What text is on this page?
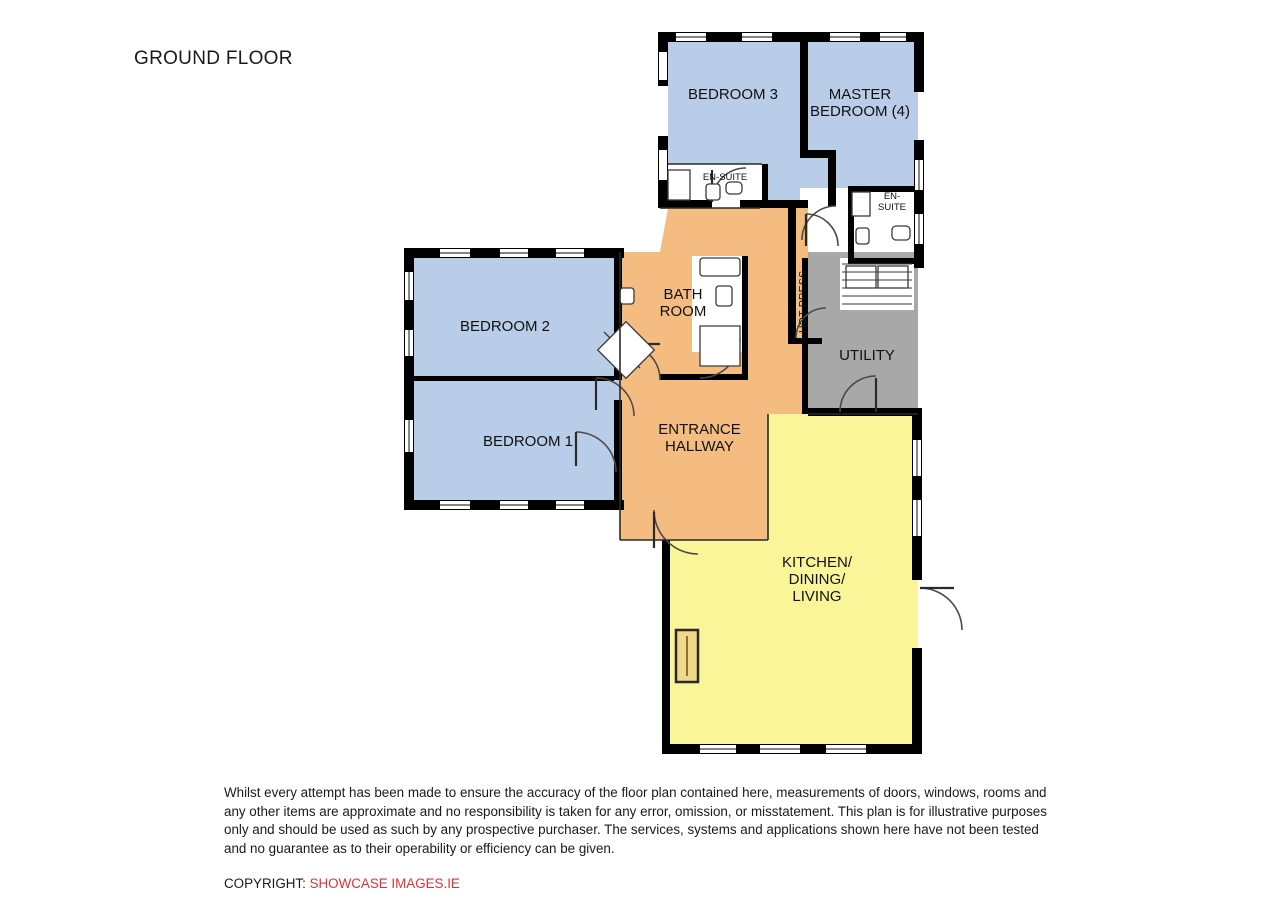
GROUND FLOOR
BEDROOM 3	MASTER
BEDROOM (4)
EN-SUITE
EN-
SUITE
BEDROOM 2
BATH
ROOM	HOT PRESS
UTILITY
BEDROOM 1
ENTRANCE
HALLWAY
KITCHEN/
DINING/
LIVING
Whilst every attempt has been made to ensure the accuracy of the floor plan contained here, measurements of doors, windows, rooms and any other items are approximate and no responsibility is taken for any error, omission, or misstatement. This plan is for illustrative purposes only and should be used as such by any prospective purchaser. The services, systems and applications shown here have not been tested and no guarantee as to their operability or efficiency can be given.
COPYRIGHT: SHOWCASE IMAGES.IE
